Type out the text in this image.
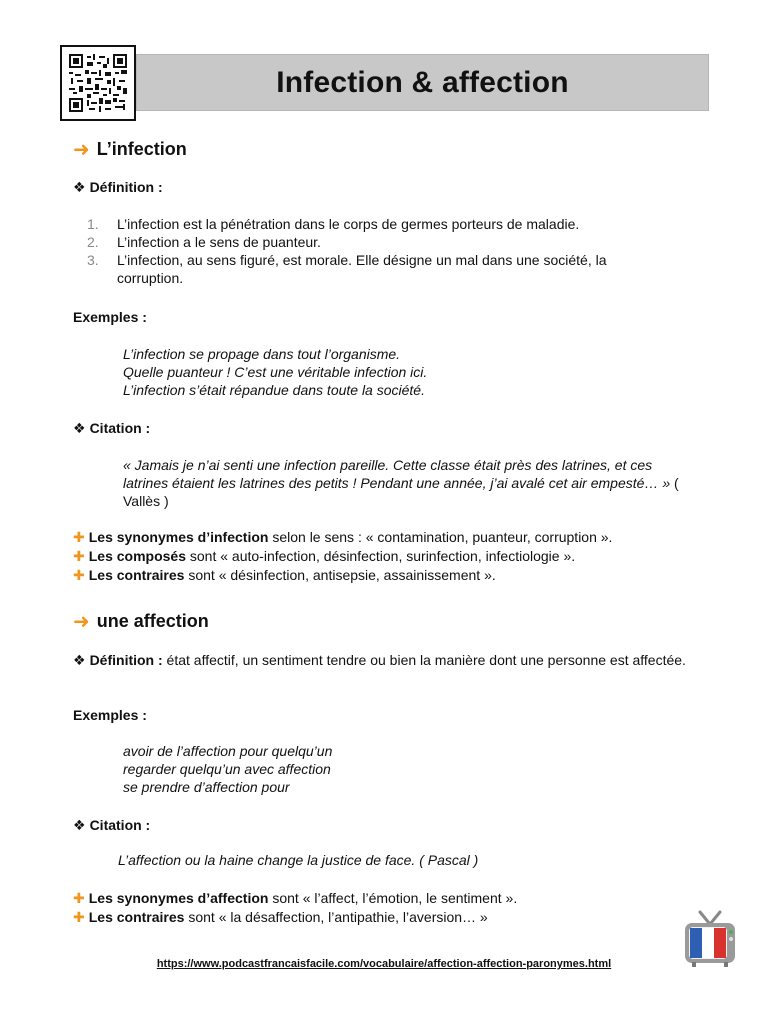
Infection & affection
➜ L’infection
❖ Définition :
1.	L’infection est la pénétration dans le corps de germes porteurs de maladie.
2.	L’infection a le sens de puanteur.
3.	L’infection, au sens figuré, est morale. Elle désigne un mal dans une société, la corruption.
Exemples :
L’infection se propage dans tout l’organisme.
Quelle puanteur ! C’est une véritable infection ici.
L’infection s’était répandue dans toute la société.
❖ Citation :
« Jamais je n’ai senti une infection pareille. Cette classe était près des latrines, et ces latrines étaient les latrines des petits ! Pendant une année, j’ai avalé cet air empesté… » ( Vallès )
✚ Les synonymes d’infection selon le sens : « contamination, puanteur, corruption ».
✚ Les composés sont « auto-infection, désinfection, surinfection, infectiologie ».
✚ Les contraires sont « désinfection, antisepsie, assainissement ».
➜ une affection
❖ Définition : état affectif, un sentiment tendre ou bien la manière dont une personne est affectée.
Exemples :
avoir de l’affection pour quelqu’un
regarder quelqu’un avec affection
se prendre d’affection pour
❖ Citation :
L’affection ou la haine change la justice de face. ( Pascal )
✚ Les synonymes d’affection sont « l’affect, l’émotion, le sentiment ».
✚ Les contraires sont « la désaffection, l’antipathie, l’aversion… »
https://www.podcastfrancaisfacile.com/vocabulaire/affection-affection-paronymes.html
